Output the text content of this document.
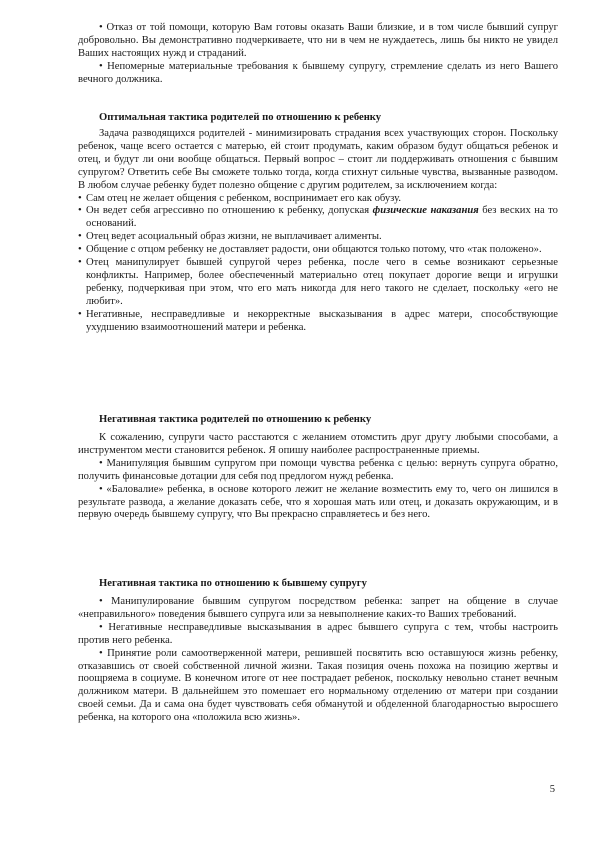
• Отказ от той помощи, которую Вам готовы оказать Ваши близкие, и в том числе бывший супруг добровольно. Вы демонстративно подчеркиваете, что ни в чем не нуждаетесь, лишь бы никто не увидел Ваших настоящих нужд и страданий.

• Непомерные материальные требования к бывшему супругу, стремление сделать из него Вашего вечного должника.

Оптимальная тактика родителей по отношению к ребенку

Задача разводящихся родителей - минимизировать страдания всех участвующих сторон. Поскольку ребенок, чаще всего остается с матерью, ей стоит продумать, каким образом будут общаться ребенок и отец, и будут ли они вообще общаться. Первый вопрос – стоит ли поддерживать отношения с бывшим супругом? Ответить себе Вы сможете только тогда, когда стихнут сильные чувства, вызванные разводом. В любом случае ребенку будет полезно общение с другим родителем, за исключением когда:

• Сам отец не желает общения с ребенком, воспринимает его как обузу.
• Он ведет себя агрессивно по отношению к ребенку, допуская физические наказания без веских на то оснований.
• Отец ведет асоциальный образ жизни, не выплачивает алименты.
• Общение с отцом ребенку не доставляет радости, они общаются только потому, что «так положено».
• Отец манипулирует бывшей супругой через ребенка, после чего в семье возникают серьезные конфликты. Например, более обеспеченный материально отец покупает дорогие вещи и игрушки ребенку, подчеркивая при этом, что его мать никогда для него такого не сделает, поскольку «его не любит».
• Негативные, несправедливые и некорректные высказывания в адрес матери, способствующие ухудшению взаимоотношений матери и ребенка.

Негативная тактика родителей по отношению к ребенку

К сожалению, супруги часто расстаются с желанием отомстить друг другу любыми способами, а инструментом мести становится ребенок. Я опишу наиболее распространенные приемы.

• Манипуляция бывшим супругом при помощи чувства ребенка с целью: вернуть супруга обратно, получить финансовые дотации для себя под предлогом нужд ребенка.

• «Баловалие» ребенка, в основе которого лежит не желание возместить ему то, чего он лишился в результате развода, а желание доказать себе, что я хорошая мать или отец, и доказать окружающим, и в первую очередь бывшему супругу, что Вы прекрасно справляетесь и без него.

Негативная тактика по отношению к бывшему супругу

• Манипулирование бывшим супругом посредством ребенка: запрет на общение в случае «неправильного» поведения бывшего супруга или за невыполнение каких-то Ваших требований.

• Негативные несправедливые высказывания в адрес бывшего супруга с тем, чтобы настроить против него ребенка.

• Принятие роли самоотверженной матери, решившей посвятить всю оставшуюся жизнь ребенку, отказавшись от своей собственной личной жизни. Такая позиция очень похожа на позицию жертвы и поощряема в социуме. В конечном итоге от нее пострадает ребенок, поскольку невольно станет вечным должником матери. В дальнейшем это помешает его нормальному отделению от матери при создании своей семьи. Да и сама она будет чувствовать себя обманутой и обделенной благодарностью выросшего ребенка, на которого она «положила всю жизнь».

5
